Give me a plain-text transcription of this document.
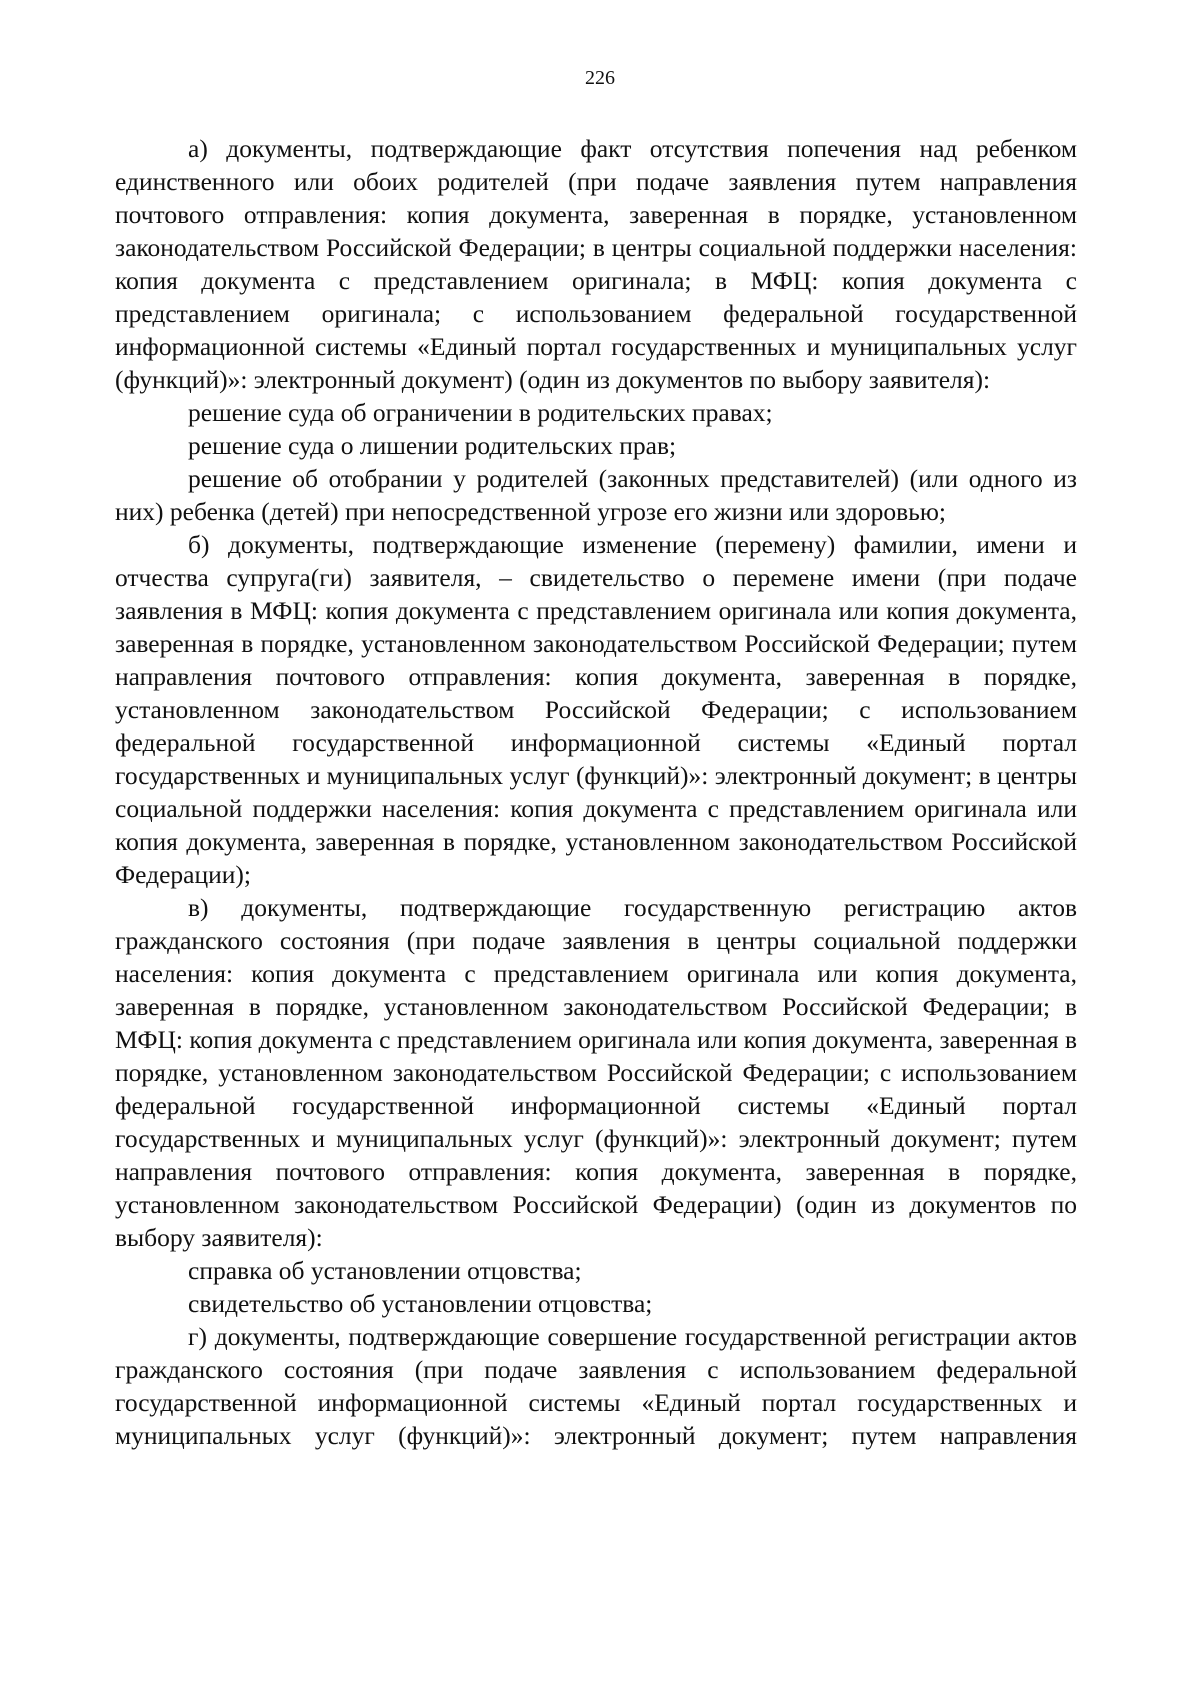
226

а) документы, подтверждающие факт отсутствия попечения над ребенком единственного или обоих родителей (при подаче заявления путем направления почтового отправления: копия документа, заверенная в порядке, установленном законодательством Российской Федерации; в центры социальной поддержки населения: копия документа с представлением оригинала; в МФЦ: копия документа с представлением оригинала; с использованием федеральной государственной информационной системы «Единый портал государственных и муниципальных услуг (функций)»: электронный документ) (один из документов по выбору заявителя):

решение суда об ограничении в родительских правах;

решение суда о лишении родительских прав;

решение об отобрании у родителей (законных представителей) (или одного из них) ребенка (детей) при непосредственной угрозе его жизни или здоровью;

б) документы, подтверждающие изменение (перемену) фамилии, имени и отчества супруга(ги) заявителя, – свидетельство о перемене имени (при подаче заявления в МФЦ: копия документа с представлением оригинала или копия документа, заверенная в порядке, установленном законодательством Российской Федерации; путем направления почтового отправления: копия документа, заверенная в порядке, установленном законодательством Российской Федерации; с использованием федеральной государственной информационной системы «Единый портал государственных и муниципальных услуг (функций)»: электронный документ; в центры социальной поддержки населения: копия документа с представлением оригинала или копия документа, заверенная в порядке, установленном законодательством Российской Федерации);

в) документы, подтверждающие государственную регистрацию актов гражданского состояния (при подаче заявления в центры социальной поддержки населения: копия документа с представлением оригинала или копия документа, заверенная в порядке, установленном законодательством Российской Федерации; в МФЦ: копия документа с представлением оригинала или копия документа, заверенная в порядке, установленном законодательством Российской Федерации; с использованием федеральной государственной информационной системы «Единый портал государственных и муниципальных услуг (функций)»: электронный документ; путем направления почтового отправления: копия документа, заверенная в порядке, установленном законодательством Российской Федерации) (один из документов по выбору заявителя):

справка об установлении отцовства;

свидетельство об установлении отцовства;

г) документы, подтверждающие совершение государственной регистрации актов гражданского состояния (при подаче заявления с использованием федеральной государственной информационной системы «Единый портал государственных и муниципальных услуг (функций)»: электронный документ; путем направления
